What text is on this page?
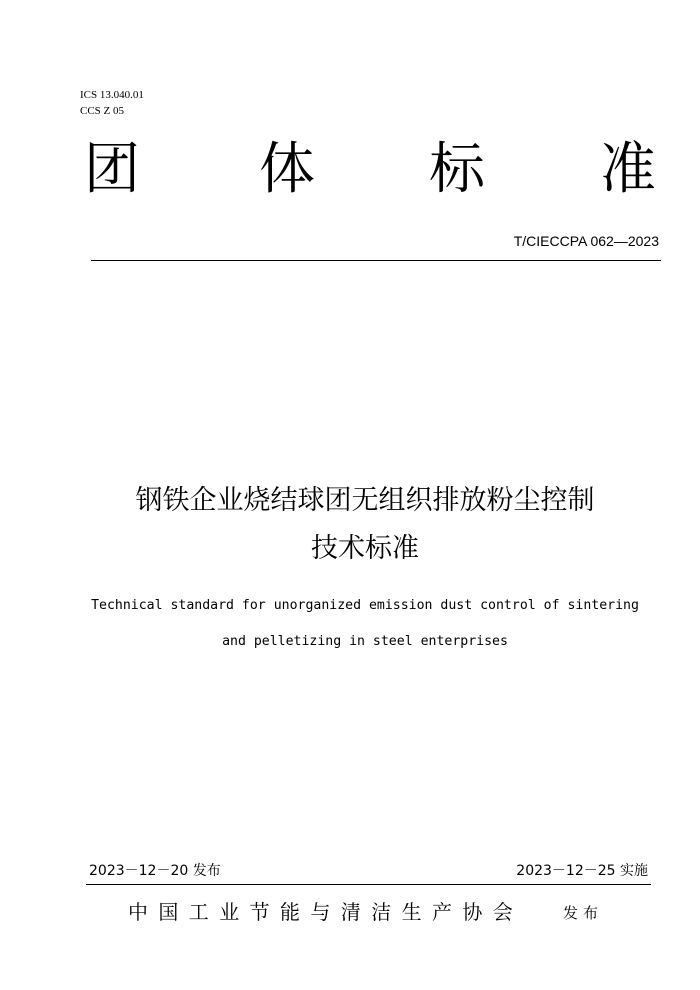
ICS 13.040.01
CCS Z 05
团 体 标 准
T/CIECCPA 062—2023
钢铁企业烧结球团无组织排放粉尘控制
技术标准
Technical standard for unorganized emission dust control of sintering
and pelletizing in steel enterprises
2023－12－20 发布	2023－12－25 实施
中国工业节能与清洁生产协会	发布
